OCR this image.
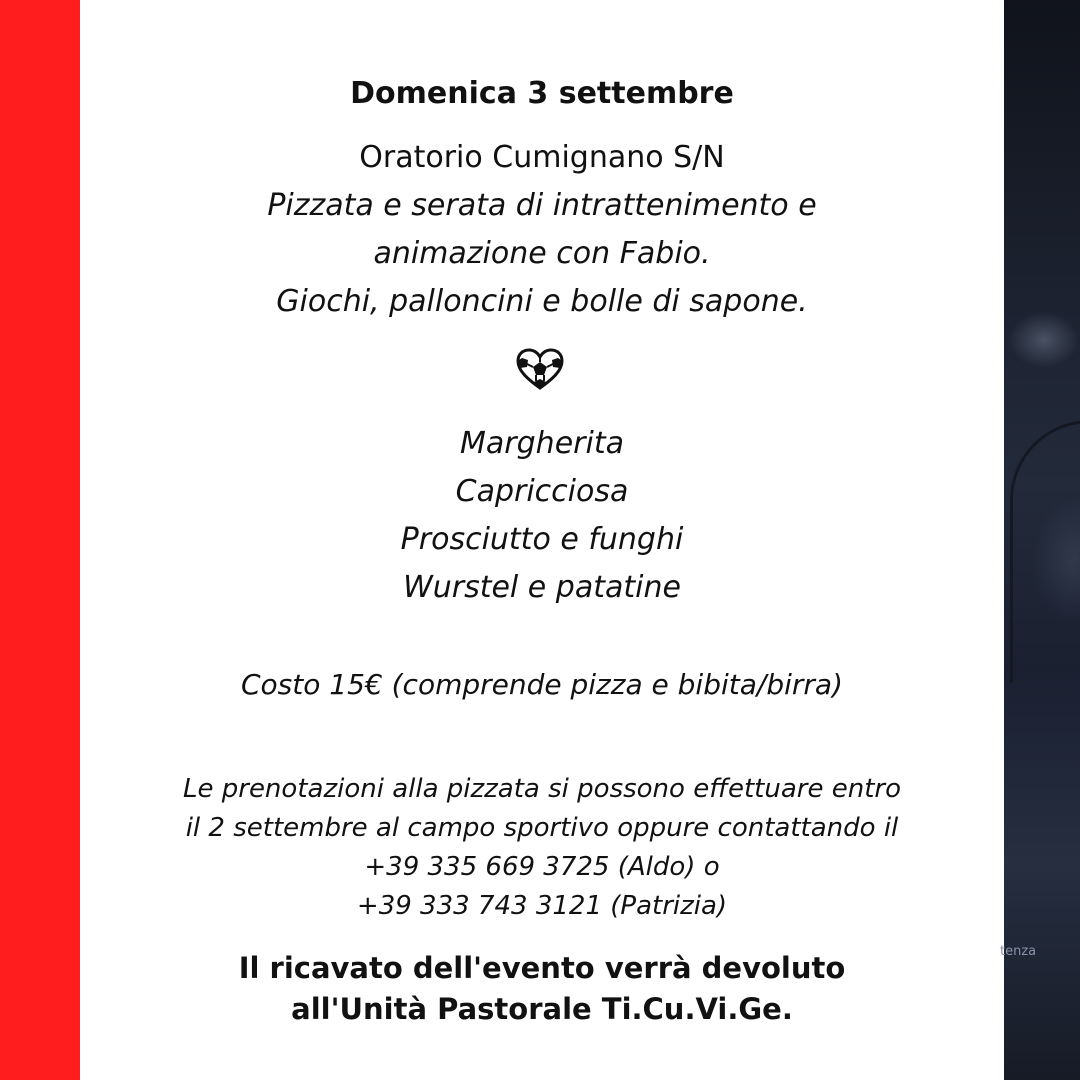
tenza
Domenica 3 settembre
Oratorio Cumignano S/N
Pizzata e serata di intrattenimento e
animazione con Fabio.
Giochi, palloncini e bolle di sapone.
Margherita
Capricciosa
Prosciutto e funghi
Wurstel e patatine
Costo 15€ (comprende pizza e bibita/birra)
Le prenotazioni alla pizzata si possono effettuare entro
il 2 settembre al campo sportivo oppure contattando il
+39 335 669 3725 (Aldo) o
+39 333 743 3121 (Patrizia)
Il ricavato dell'evento verrà devoluto
all'Unità Pastorale Ti.Cu.Vi.Ge.
